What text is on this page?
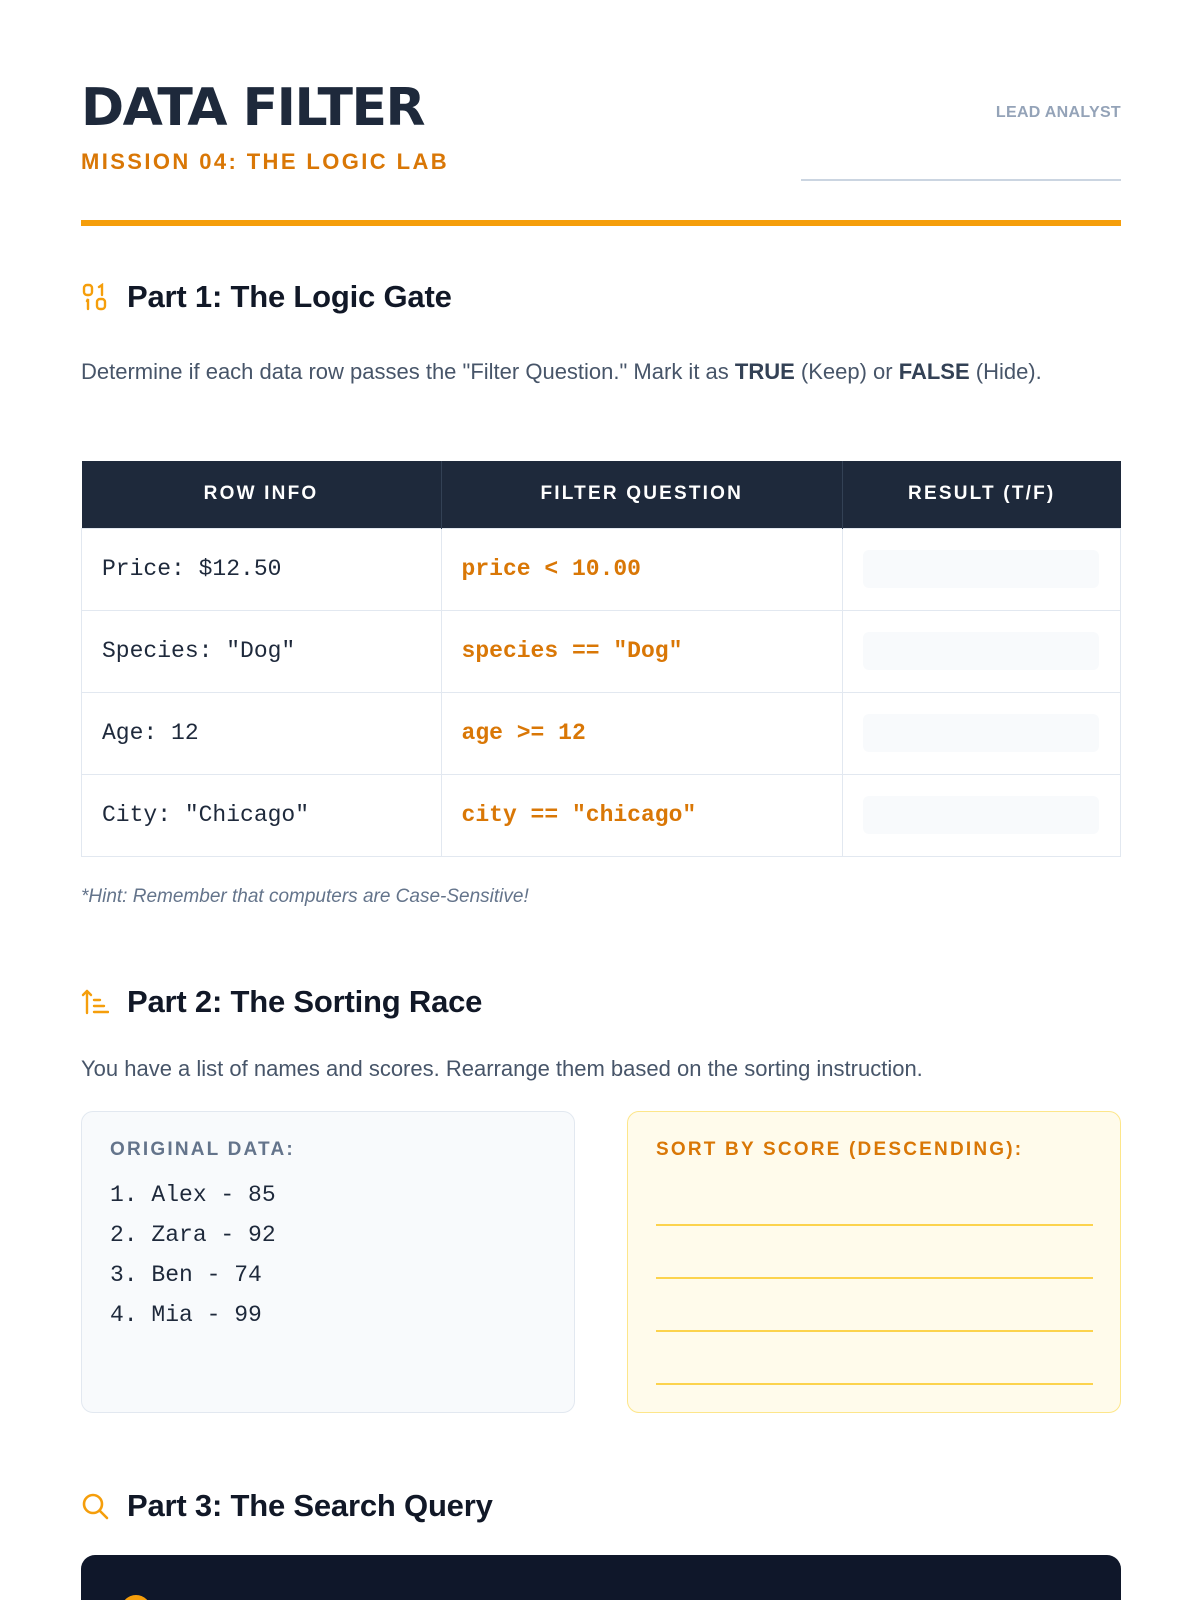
DATA FILTER
MISSION 04: THE LOGIC LAB
LEAD ANALYST
Part 1: The Logic Gate

Determine if each data row passes the "Filter Question." Mark it as TRUE (Keep) or FALSE (Hide).

ROW INFO	FILTER QUESTION	RESULT (T/F)
Price: $12.50	price < 10.00	

Species: "Dog"	species == "Dog"	

Age: 12	age >= 12	

City: "Chicago"	city == "chicago"	

*Hint: Remember that computers are Case-Sensitive!

Part 2: The Sorting Race

You have a list of names and scores. Rearrange them based on the sorting instruction.

ORIGINAL DATA:
1. Alex - 85
2. Zara - 92
3. Ben - 74
4. Mia - 99
SORT BY SCORE (DESCENDING):
Part 3: The Search Query
